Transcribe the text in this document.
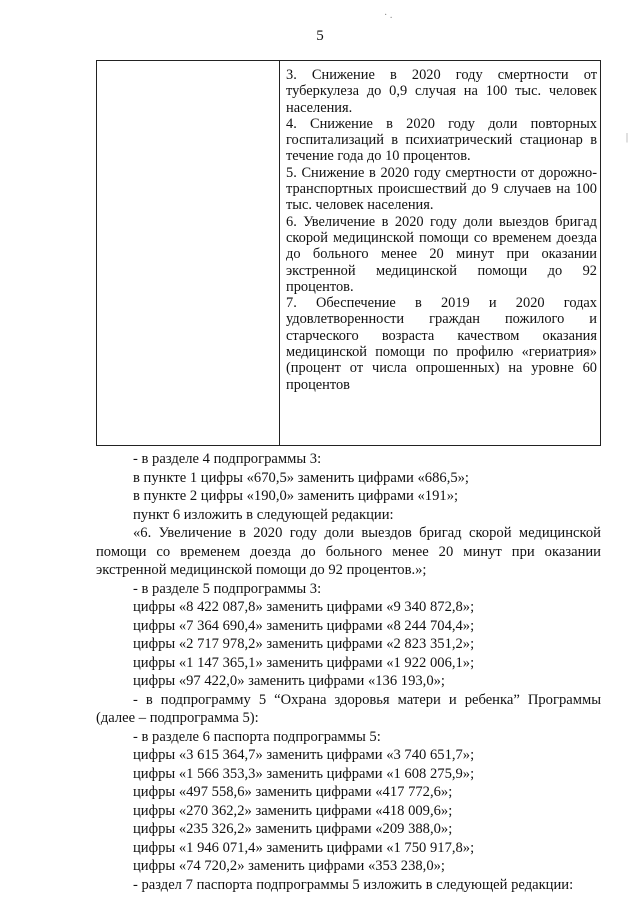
5
· .
|

3. Снижение в 2020 году смертности от туберкулеза до 0,9 случая на 100 тыс. человек населения.

4. Снижение в 2020 году доли повторных госпитализаций в психиатрический стационар в течение года до 10 процентов.

5. Снижение в 2020 году смертности от дорожно-транспортных происшествий до 9 случаев на 100 тыс. человек населения.

6. Увеличение в 2020 году доли выездов бригад скорой медицинской помощи со временем доезда до больного менее 20 минут при оказании экстренной медицинской помощи до 92 процентов.

7. Обеспечение в 2019 и 2020 годах удовлетворенности граждан пожилого и старческого возраста качеством оказания медицинской помощи по профилю «гериатрия» (процент от числа опрошенных) на уровне 60 процентов

- в разделе 4 подпрограммы 3:

в пункте 1 цифры «670,5» заменить цифрами «686,5»;

в пункте 2 цифры «190,0» заменить цифрами «191»;

пункт 6 изложить в следующей редакции:

«6. Увеличение в 2020 году доли выездов бригад скорой медицинской помощи со временем доезда до больного менее 20 минут при оказании экстренной медицинской помощи до 92 процентов.»;

- в разделе 5 подпрограммы 3:

цифры «8 422 087,8» заменить цифрами «9 340 872,8»;

цифры «7 364 690,4» заменить цифрами «8 244 704,4»;

цифры «2 717 978,2» заменить цифрами «2 823 351,2»;

цифры «1 147 365,1» заменить цифрами «1 922 006,1»;

цифры «97 422,0» заменить цифрами «136 193,0»;

- в подпрограмму 5 “Охрана здоровья матери и ребенка” Программы (далее – подпрограмма 5):

- в разделе 6 паспорта подпрограммы 5:

цифры «3 615 364,7» заменить цифрами «3 740 651,7»;

цифры «1 566 353,3» заменить цифрами «1 608 275,9»;

цифры «497 558,6» заменить цифрами «417 772,6»;

цифры «270 362,2» заменить цифрами «418 009,6»;

цифры «235 326,2» заменить цифрами «209 388,0»;

цифры «1 946 071,4» заменить цифрами «1 750 917,8»;

цифры «74 720,2» заменить цифрами «353 238,0»;

- раздел 7 паспорта подпрограммы 5 изложить в следующей редакции:
